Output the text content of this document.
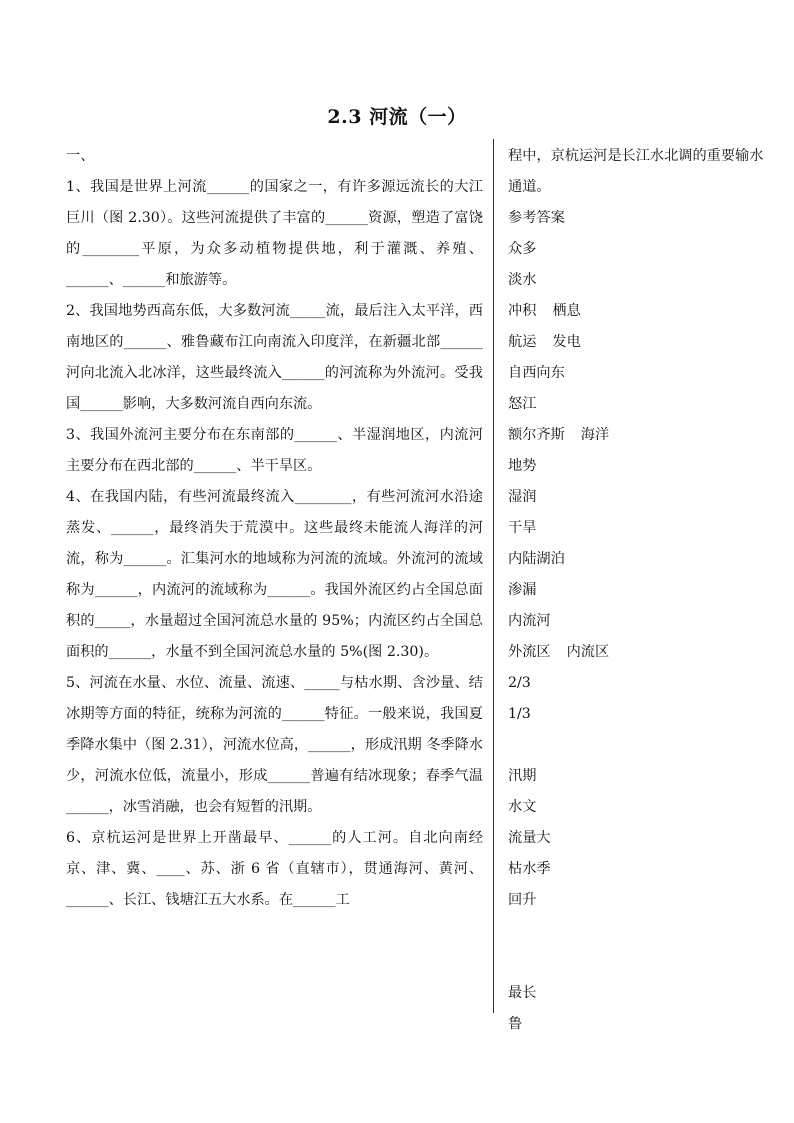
2.3 河流（一）

一、

1、我国是世界上河流______的国家之一，有许多源远流长的大江巨川（图 2.30）。这些河流提供了丰富的______资源，塑造了富饶的________平原，为众多动植物提供地，利于灌溉、养殖、______、______和旅游等。

2、我国地势西高东低，大多数河流_____流，最后注入太平洋，西南地区的______、雅鲁藏布江向南流入印度洋，在新疆北部______河向北流入北冰洋，这些最终流入______的河流称为外流河。受我国______影响，大多数河流自西向东流。

3、我国外流河主要分布在东南部的______、半湿润地区，内流河主要分布在西北部的______、半干旱区。

4、在我国内陆，有些河流最终流入________，有些河流河水沿途蒸发、______，最终消失于荒漠中。这些最终未能流人海洋的河流，称为______。汇集河水的地域称为河流的流域。外流河的流域称为______，内流河的流域称为______。我国外流区约占全国总面积的_____，水量超过全国河流总水量的 95%；内流区约占全国总面积的______，水量不到全国河流总水量的 5%(图 2.30)。

5、河流在水量、水位、流量、流速、_____与枯水期、含沙量、结冰期等方面的特征，统称为河流的______特征。一般来说，我国夏季降水集中（图 2.31），河流水位高，______，形成汛期 冬季降水少，河流水位低，流量小，形成______普遍有结冰现象；春季气温______，冰雪消融，也会有短暂的汛期。

6、京杭运河是世界上开凿最早、______的人工河。自北向南经京、津、冀、____、苏、浙 6 省（直辖市），贯通海河、黄河、______、长江、钱塘江五大水系。在______工

程中，京杭运河是长江水北调的重要输水通道。
参考答案
众多
淡水
冲积 栖息
航运 发电
自西向东
怒江
额尔齐斯 海洋
地势
湿润
干旱
内陆湖泊
渗漏
内流河
外流区 内流区
2/3
1/3
汛期
水文
流量大
枯水季
回升
最长
鲁
